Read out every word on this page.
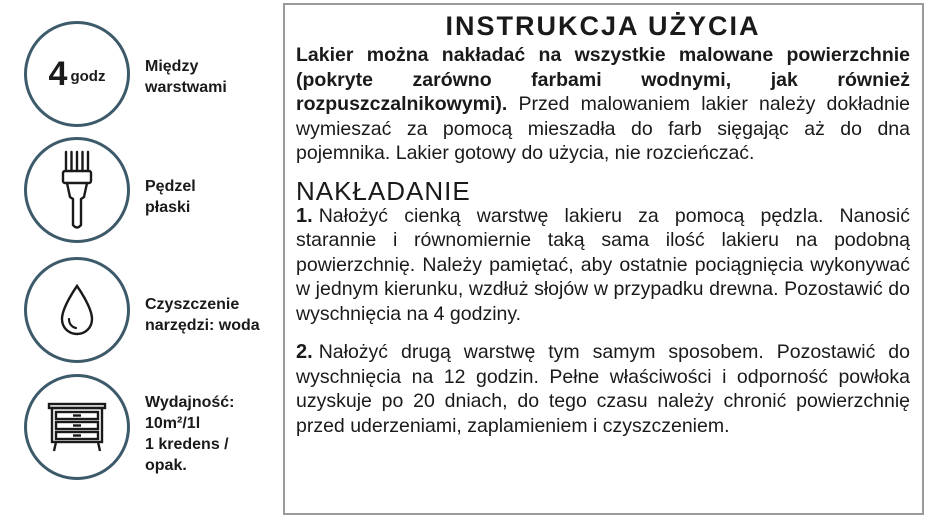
4 godz
Między
warstwami
Pędzel
płaski
Czyszczenie
narzędzi: woda
Wydajność:
10m²/1l
1 kredens /
opak.
INSTRUKCJA UŻYCIA

Lakier można nakładać na wszystkie malowane powierzchnie (pokryte zarówno farbami wodnymi, jak również rozpuszczalnikowymi). Przed malowaniem lakier należy dokładnie wymieszać za pomocą mieszadła do farb sięgając aż do dna pojemnika. Lakier gotowy do użycia, nie rozcieńczać.

NAKŁADANIE

1. Nałożyć cienką warstwę lakieru za pomocą pędzla. Nanosić starannie i równomiernie taką sama ilość lakieru na podobną powierzchnię. Należy pamiętać, aby ostatnie pociągnięcia wykonywać w jednym kierunku, wzdłuż słojów w przypadku drewna. Pozostawić do wyschnięcia na 4 godziny.

2. Nałożyć drugą warstwę tym samym sposobem. Pozostawić do wyschnięcia na 12 godzin. Pełne właściwości i odporność powłoka uzyskuje po 20 dniach, do tego czasu należy chronić powierzchnię przed uderzeniami, zaplamieniem i czyszczeniem.
